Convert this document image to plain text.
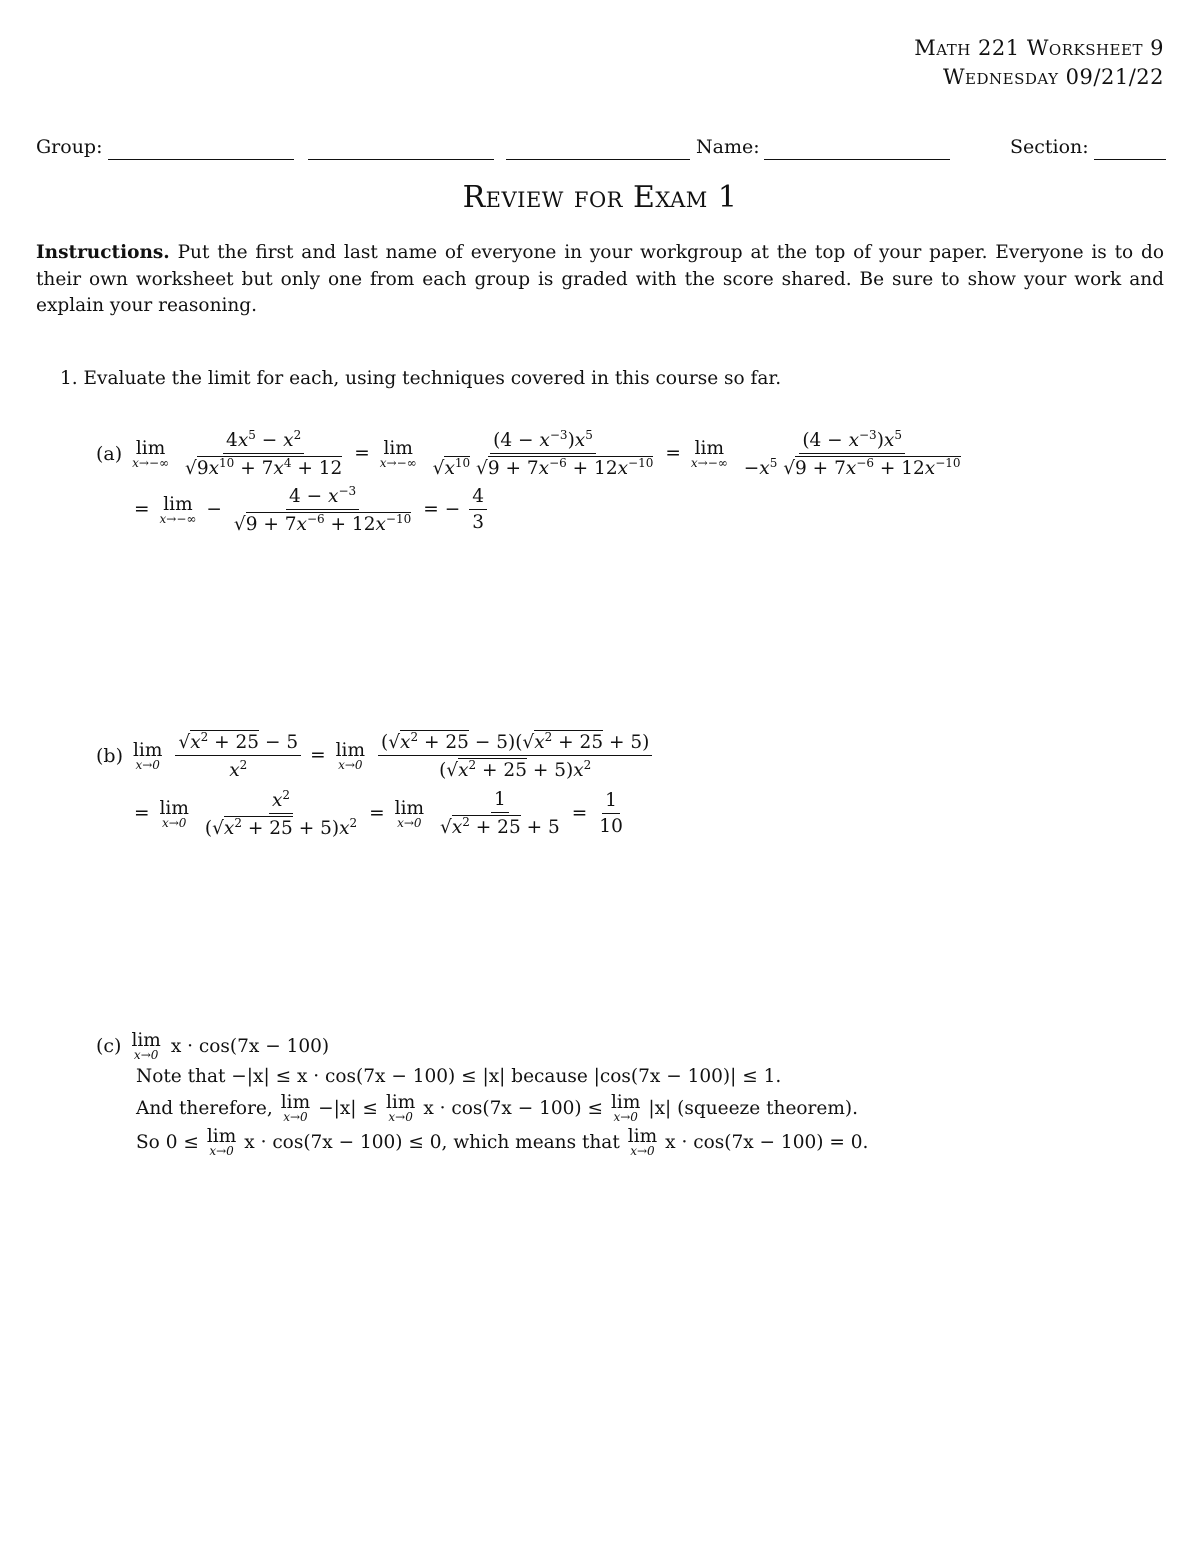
Math 221 Worksheet 9
Wednesday 09/21/22
Group:	Name:	Section:
Review for Exam 1
Instructions. Put the first and last name of everyone in your workgroup at the top of your paper. Everyone is to do their own worksheet but only one from each group is graded with the score shared. Be sure to show your work and explain your reasoning.
1. Evaluate the limit for each, using techniques covered in this course so far.
(a) lim
$x\to-\infty \frac{4x^5 - x^2}{√9x^{10} + 7x^4 + 12} = \lim$
$x\to-\infty \frac{(4 - x^{-3})x^5}{√x^{10} √9 + 7x^{-6} + 12x^{-10}} = \lim$
$x\to-\infty \frac{(4 - x^{-3})x^5}{-x^5 √9 + 7x^{-6} + 12x^{-10}}$
= lim
$x\to-\infty - \frac{4 - x^{-3}}{√9 + 7x^{-6} + 12x^{-10}}$ = − $\frac{4}{3}$
(b) lim
$x\to 0 \frac{√x^2 + 25 - 5}{x^2} = \lim$
$x\to 0 \frac{(√x^2 + 25 - 5)(√x^2 + 25 + 5)}{(√x^2 + 25 + 5)x^2}$
= lim
$x\to 0 \frac{x^2}{(√x^2 + 25 + 5)x^2} = \lim$
$x\to 0 \frac{1}{√x^2 + 25 + 5} = \frac{1}{10}$
(c) lim
x→0 x · cos(7x − 100)
Note that −|x| ≤ x · cos(7x − 100) ≤ |x| because |cos(7x − 100)| ≤ 1.
And therefore, lim
x→0 −|x| ≤ lim
x→0 x · cos(7x − 100) ≤ lim
x→0 |x| (squeeze theorem).
So 0 ≤ lim
x→0 x · cos(7x − 100) ≤ 0, which means that lim
x→0 x · cos(7x − 100) = 0.
